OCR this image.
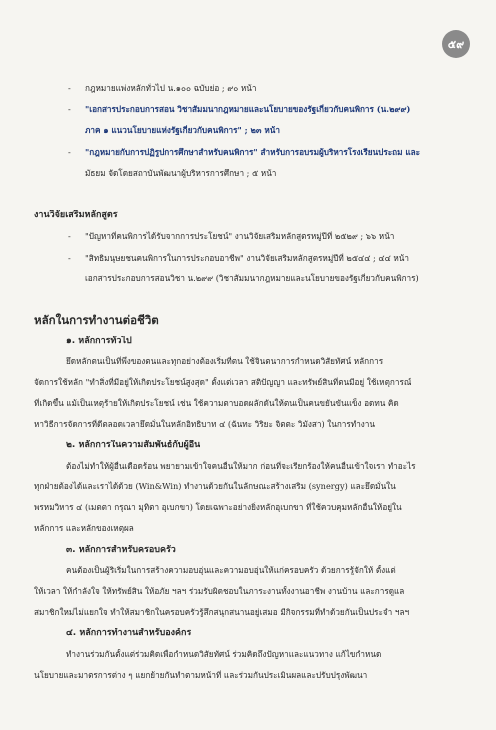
๕๙
- กฎหมายแพ่งหลักทั่วไป น.๑๐๐ ฉบับย่อ ; ๙๐ หน้า
- "เอกสารประกอบการสอน วิชาสัมมนากฎหมายและนโยบายของรัฐเกี่ยวกับคนพิการ (น.๒๙๙)
ภาค ๑ แนวนโยบายแห่งรัฐเกี่ยวกับคนพิการ" ; ๒๓ หน้า
- "กฎหมายกับการปฏิรูปการศึกษาสำหรับคนพิการ" สำหรับการอบรมผู้บริหารโรงเรียนประถม และ
มัธยม จัดโดยสถาบันพัฒนาผู้บริหารการศึกษา ; ๕ หน้า
งานวิจัยเสริมหลักสูตร
- "ปัญหาที่คนพิการได้รับจากการประโยชน์" งานวิจัยเสริมหลักสูตรหมู่ปีที่ ๒๕๒๙ ; ๖๖ หน้า
- "สิทธิมนุษยชนคนพิการในการประกอบอาชีพ" งานวิจัยเสริมหลักสูตรหมู่ปีที่ ๒๕๔๔ ; ๔๔ หน้า
เอกสารประกอบการสอนวิชา น.๒๙๙ (วิชาสัมมนากฎหมายและนโยบายของรัฐเกี่ยวกับคนพิการ)
หลักในการทำงานต่อชีวิต
๑. หลักการทั่วไป
ยึดหลักตนเป็นที่พึ่งของตนและทุกอย่างต้องเริ่มที่ตน ใช้จินตนาการกำหนดวิสัยทัศน์ หลักการ
จัดการใช้หลัก "ทำสิ่งที่มีอยู่ให้เกิดประโยชน์สูงสุด" ตั้งแต่เวลา สติปัญญา และทรัพย์สินที่ตนมีอยู่ ใช้เหตุการณ์
ที่เกิดขึ้น แม้เป็นเหตุร้ายให้เกิดประโยชน์ เช่น ใช้ความตาบอดผลักดันให้ตนเป็นคนขยันขันแข็ง อดทน คิด
หาวิธีการจัดการที่ดีตลอดเวลายึดมั่นในหลักอิทธิบาท ๔ (ฉันทะ วิริยะ จิตตะ วิมังสา) ในการทำงาน
๒. หลักการในความสัมพันธ์กับผู้อื่น
ต้องไม่ทำให้ผู้อื่นเดือดร้อน พยายามเข้าใจคนอื่นให้มาก ก่อนที่จะเรียกร้องให้คนอื่นเข้าใจเรา ทำอะไร
ทุกฝ่ายต้องได้และเราได้ด้วย (Win&Win) ทำงานด้วยกันในลักษณะสร้างเสริม (synergy) และยึดมั่นใน
พรหมวิหาร ๔ (เมตตา กรุณา มุทิตา อุเบกขา) โดยเฉพาะอย่างยิ่งหลักอุเบกขา ที่ใช้ควบคุมหลักอื่นให้อยู่ใน
หลักการ และหลักของเหตุผล
๓. หลักการสำหรับครอบครัว
คนต้องเป็นผู้ริเริ่มในการสร้างความอบอุ่นและความอบอุ่นให้แก่ครอบครัว ด้วยการรู้จักให้ ตั้งแต่
ให้เวลา ให้กำลังใจ ให้ทรัพย์สิน ให้อภัย ฯลฯ ร่วมรับผิดชอบในภาระงานทั้งงานอาชีพ งานบ้าน และการดูแล
สมาชิกใหม่ไม่แยกใจ ทำให้สมาชิกในครอบครัวรู้สึกสนุกสนานอยู่เสมอ มีกิจกรรมที่ทำด้วยกันเป็นประจำ ฯลฯ
๔. หลักการทำงานสำหรับองค์กร
ทำงานร่วมกันตั้งแต่ร่วมคิดเพื่อกำหนดวิสัยทัศน์ ร่วมคิดถึงปัญหาและแนวทาง แก้ไขกำหนด
นโยบายและมาตรการต่าง ๆ แยกย้ายกันทำตามหน้าที่ และร่วมกันประเมินผลและปรับปรุงพัฒนา
